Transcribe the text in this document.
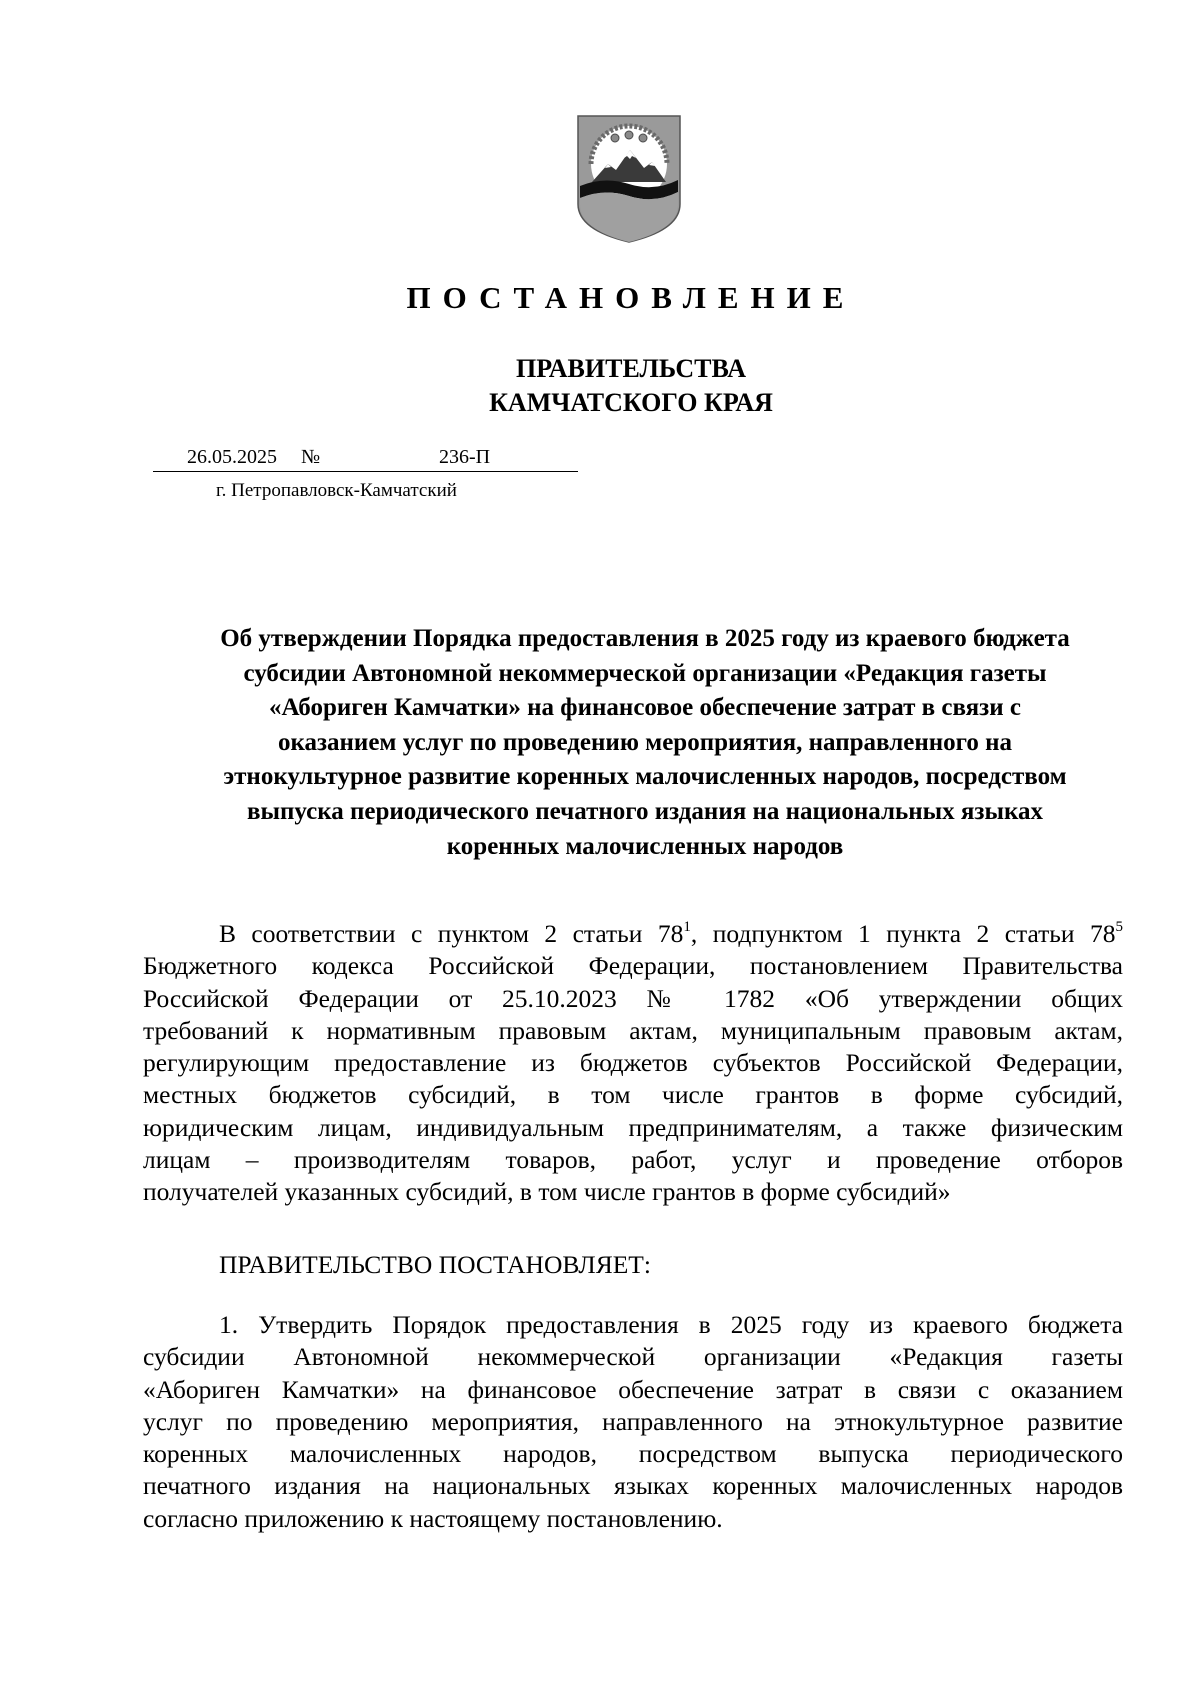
ПОСТАНОВЛЕНИЕ
ПРАВИТЕЛЬСТВА
КАМЧАТСКОГО КРАЯ
26.05.2025 №	236-П
г. Петропавловск-Камчатский
Об утверждении Порядка предоставления в 2025 году из краевого бюджета
субсидии Автономной некоммерческой организации «Редакция газеты
«Абориген Камчатки» на финансовое обеспечение затрат в связи с
оказанием услуг по проведению мероприятия, направленного на
этнокультурное развитие коренных малочисленных народов, посредством
выпуска периодического печатного издания на национальных языках
коренных малочисленных народов
В соответствии с пунктом 2 статьи $78^1$, подпунктом 1 пункта 2 статьи $78^5$
Бюджетного кодекса Российской Федерации, постановлением Правительства
Российской Федерации от 25.10.2023 № 1782 «Об утверждении общих
требований к нормативным правовым актам, муниципальным правовым актам,
регулирующим предоставление из бюджетов субъектов Российской Федерации,
местных бюджетов субсидий, в том числе грантов в форме субсидий,
юридическим лицам, индивидуальным предпринимателям, а также физическим
лицам – производителям товаров, работ, услуг и проведение отборов
получателей указанных субсидий, в том числе грантов в форме субсидий»
ПРАВИТЕЛЬСТВО ПОСТАНОВЛЯЕТ:
1. Утвердить Порядок предоставления в 2025 году из краевого бюджета
субсидии Автономной некоммерческой организации «Редакция газеты
«Абориген Камчатки» на финансовое обеспечение затрат в связи с оказанием
услуг по проведению мероприятия, направленного на этнокультурное развитие
коренных малочисленных народов, посредством выпуска периодического
печатного издания на национальных языках коренных малочисленных народов
согласно приложению к настоящему постановлению.
